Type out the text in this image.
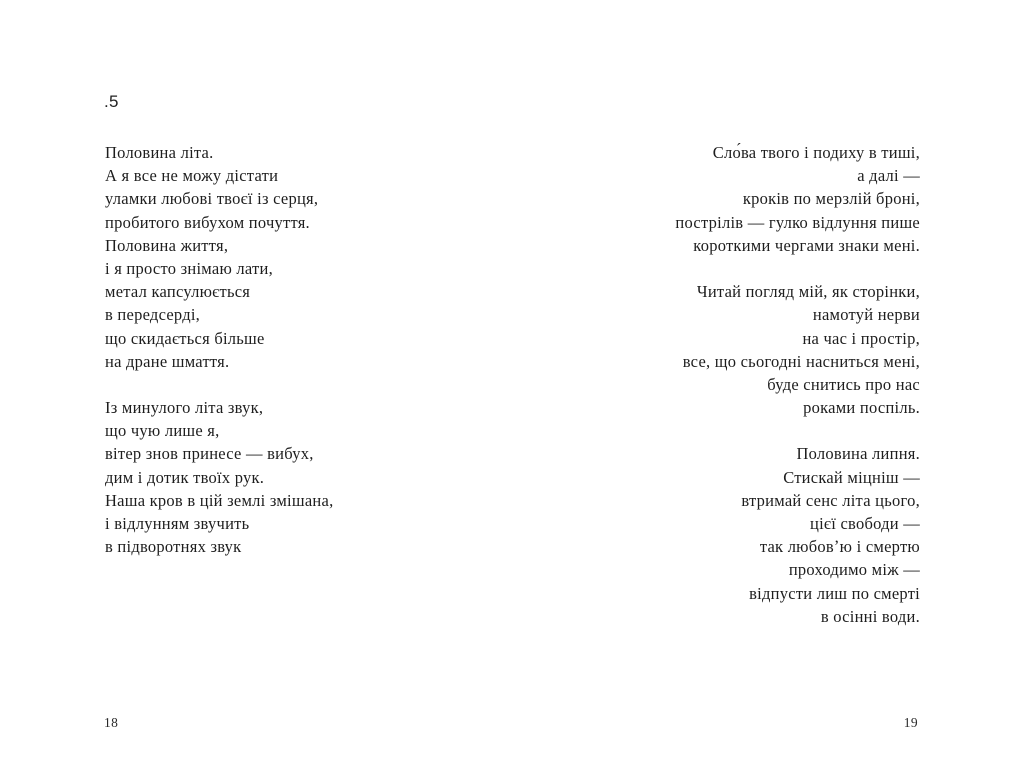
.5
Половина літа.
А я все не можу дістати
уламки любові твоєї із серця,
пробитого вибухом почуття.
Половина життя,
і я просто знімаю лати,
метал капсулюється
в передсерді,
що скидається більше
на дране шмаття.
Із минулого літа звук,
що чую лише я,
вітер знов принесе — вибух,
дим і дотик твоїх рук.
Наша кров в цій землі змішана,
і відлунням звучить
в підворотнях звук
18
Сло́ва твого і подиху в тиші,
а далі —
кроків по мерзлій броні,
пострілів — гулко відлуння пише
короткими чергами знаки мені.
Читай погляд мій, як сторінки,
намотуй нерви
на час і простір,
все, що сьогодні насниться мені,
буде снитись про нас
роками поспіль.
Половина липня.
Стискай міцніш —
втримай сенс літа цього,
цієї свободи —
так любовʼю і смертю
проходимо між —
відпусти лиш по смерті
в осінні води.
19
